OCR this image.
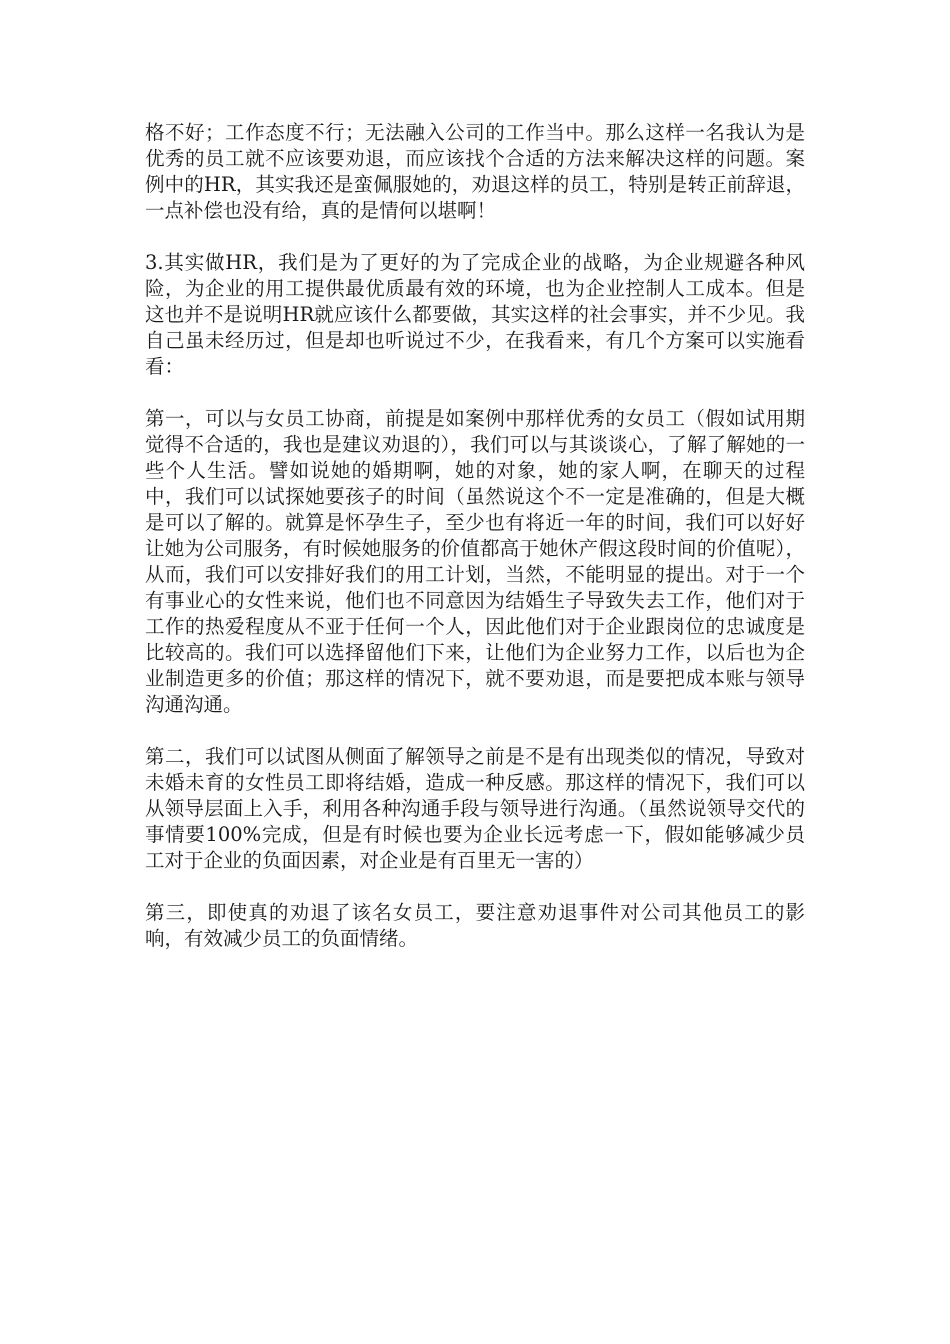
格不好；工作态度不行；无法融入公司的工作当中。那么这样一名我认为是优秀的员工就不应该要劝退，而应该找个合适的方法来解决这样的问题。案例中的HR，其实我还是蛮佩服她的，劝退这样的员工，特别是转正前辞退，一点补偿也没有给，真的是情何以堪啊！

3.其实做HR，我们是为了更好的为了完成企业的战略，为企业规避各种风险，为企业的用工提供最优质最有效的环境，也为企业控制人工成本。但是这也并不是说明HR就应该什么都要做，其实这样的社会事实，并不少见。我自己虽未经历过，但是却也听说过不少，在我看来，有几个方案可以实施看看：

第一，可以与女员工协商，前提是如案例中那样优秀的女员工（假如试用期觉得不合适的，我也是建议劝退的），我们可以与其谈谈心，了解了解她的一些个人生活。譬如说她的婚期啊，她的对象，她的家人啊，在聊天的过程中，我们可以试探她要孩子的时间（虽然说这个不一定是准确的，但是大概是可以了解的。就算是怀孕生子，至少也有将近一年的时间，我们可以好好让她为公司服务，有时候她服务的价值都高于她休产假这段时间的价值呢），从而，我们可以安排好我们的用工计划，当然，不能明显的提出。对于一个有事业心的女性来说，他们也不同意因为结婚生子导致失去工作，他们对于工作的热爱程度从不亚于任何一个人，因此他们对于企业跟岗位的忠诚度是比较高的。我们可以选择留他们下来，让他们为企业努力工作，以后也为企业制造更多的价值；那这样的情况下，就不要劝退，而是要把成本账与领导沟通沟通。

第二，我们可以试图从侧面了解领导之前是不是有出现类似的情况，导致对未婚未育的女性员工即将结婚，造成一种反感。那这样的情况下，我们可以从领导层面上入手，利用各种沟通手段与领导进行沟通。（虽然说领导交代的事情要100%完成，但是有时候也要为企业长远考虑一下，假如能够减少员工对于企业的负面因素，对企业是有百里无一害的）

第三，即使真的劝退了该名女员工，要注意劝退事件对公司其他员工的影响，有效减少员工的负面情绪。
